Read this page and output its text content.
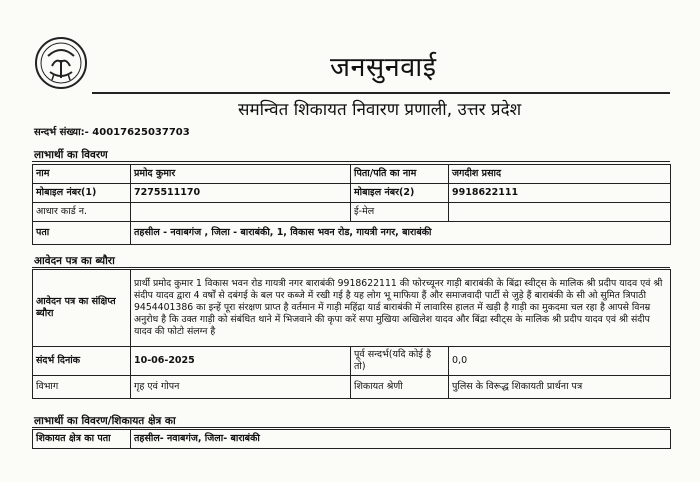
जनसुनवाई
समन्वित शिकायत निवारण प्रणाली, उत्तर प्रदेश
सन्दर्भ संख्या:- 40017625037703
लाभार्थी का विवरण
नाम	प्रमोद कुमार	पिता/पति का नाम	जगदीश प्रसाद
मोबाइल नंबर(1)	7275511170	मोबाइल नंबर(2)	9918622111
आधार कार्ड न.		ई-मेल	
पता	तहसील - नवाबगंज , जिला - बाराबंकी, 1, विकास भवन रोड, गायत्री नगर, बाराबंकी		
आवेदन पत्र का ब्यौरा
आवेदन पत्र का संक्षिप्त ब्यौरा	प्रार्थी प्रमोद कुमार 1 विकास भवन रोड गायत्री नगर बाराबंकी 9918622111 की फोरच्यूनर गाड़ी बाराबंकी के बिंद्रा स्वीट्स के मालिक श्री प्रदीप यादव एवं श्री संदीप यादव द्वारा 4 वर्षों से दबंगई के बल पर कब्जे में रखी गई है यह लोग भू माफिया हैं और समाजवादी पार्टी से जुड़े हैं बाराबंकी के सी ओ सुमित त्रिपाठी 9454401386 का इन्हें पूरा संरक्षण प्राप्त है वर्तमान में गाड़ी महिंद्रा यार्ड बाराबंकी में लावारिस हालत में खड़ी है गाड़ी का मुकदमा चल रहा है आपसे विनम्र अनुरोध है कि उक्त गाड़ी को संबंधित थाने में भिजवाने की कृपा करें सपा मुखिया अखिलेश यादव और बिंद्रा स्वीट्स के मालिक श्री प्रदीप यादव एवं श्री संदीप यादव की फोटो संलग्न है		
संदर्भ दिनांक	10-06-2025	पूर्व सन्दर्भ(यदि कोई है तो)	0,0
विभाग	गृह एवं गोपन	शिकायत श्रेणी	पुलिस के विरूद्ध शिकायती प्रार्थना पत्र
लाभार्थी का विवरण/शिकायत क्षेत्र का
शिकायत क्षेत्र का पता	तहसील- नवाबगंज, जिला- बाराबंकी
